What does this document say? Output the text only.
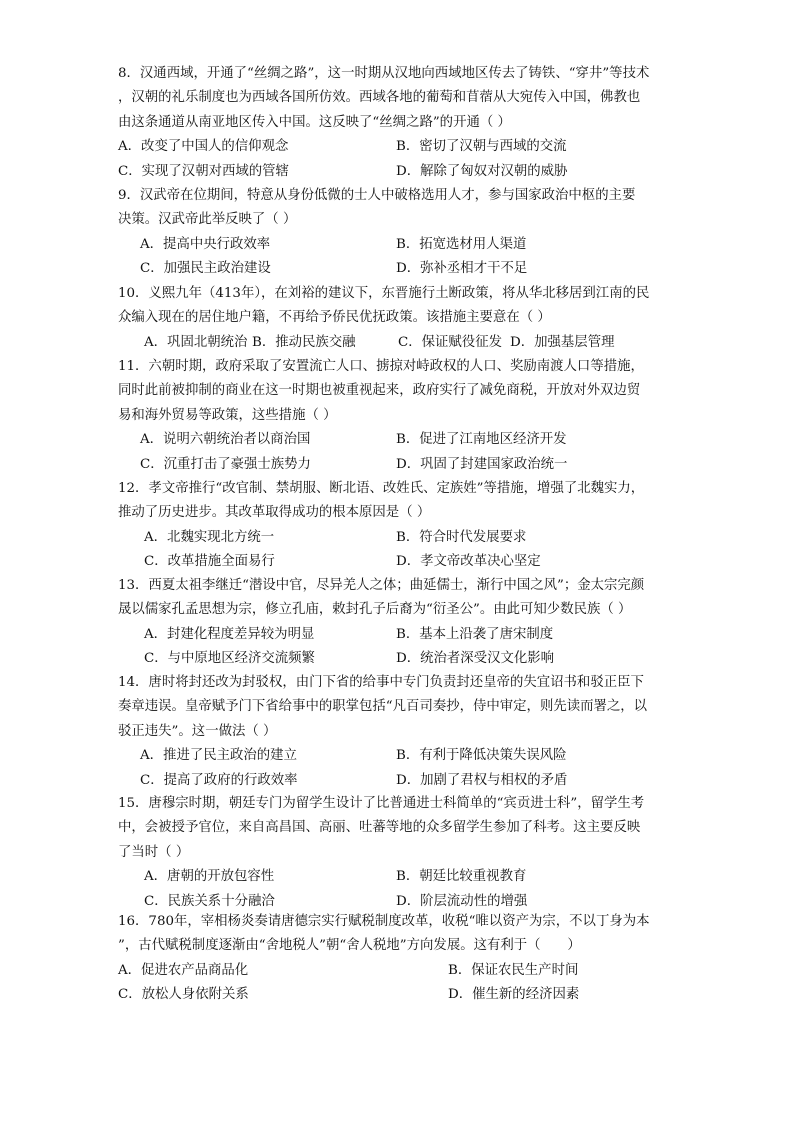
8．汉通西域，开通了“丝绸之路”，这一时期从汉地向西域地区传去了铸铁、“穿井”等技术

，汉朝的礼乐制度也为西域各国所仿效。西域各地的葡萄和苜蓿从大宛传入中国，佛教也

由这条通道从南亚地区传入中国。这反映了“丝绸之路”的开通（ ）

A．改变了中国人的信仰观念	B．密切了汉朝与西域的交流
C．实现了汉朝对西域的管辖	D．解除了匈奴对汉朝的威胁

9．汉武帝在位期间，特意从身份低微的士人中破格选用人才，参与国家政治中枢的主要

决策。汉武帝此举反映了（ ）

A．提高中央行政效率	B．拓宽选材用人渠道
C．加强民主政治建设	D．弥补丞相才干不足

10．义熙九年（413年），在刘裕的建议下，东晋施行土断政策，将从华北移居到江南的民

众编入现在的居住地户籍，不再给予侨民优抚政策。该措施主要意在（ ）

A．巩固北朝统治 B．推动民族交融	C．保证赋役征发 D．加强基层管理

11．六朝时期，政府采取了安置流亡人口、掳掠对峙政权的人口、奖励南渡人口等措施，

同时此前被抑制的商业在这一时期也被重视起来，政府实行了减免商税，开放对外双边贸

易和海外贸易等政策，这些措施（ ）

A．说明六朝统治者以商治国	B．促进了江南地区经济开发
C．沉重打击了豪强士族势力	D．巩固了封建国家政治统一

12．孝文帝推行“改官制、禁胡服、断北语、改姓氏、定族姓”等措施，增强了北魏实力，

推动了历史进步。其改革取得成功的根本原因是（ ）

A．北魏实现北方统一	B．符合时代发展要求
C．改革措施全面易行	D．孝文帝改革决心坚定

13．西夏太祖李继迁“潜设中官，尽异羌人之体；曲延儒士，渐行中国之风”；金太宗完颜

晟以儒家孔孟思想为宗，修立孔庙，敕封孔子后裔为“衍圣公”。由此可知少数民族（ ）

A．封建化程度差异较为明显	B．基本上沿袭了唐宋制度
C．与中原地区经济交流频繁	D．统治者深受汉文化影响

14．唐时将封还改为封驳权，由门下省的给事中专门负责封还皇帝的失宜诏书和驳正臣下

奏章违误。皇帝赋予门下省给事中的职掌包括“凡百司奏抄，侍中审定，则先读而署之，以

驳正违失”。这一做法（ ）

A．推进了民主政治的建立	B．有利于降低决策失误风险
C．提高了政府的行政效率	D．加剧了君权与相权的矛盾

15．唐穆宗时期，朝廷专门为留学生设计了比普通进士科简单的“宾贡进士科”，留学生考

中，会被授予官位，来自高昌国、高丽、吐蕃等地的众多留学生参加了科考。这主要反映

了当时（ ）

A．唐朝的开放包容性	B．朝廷比较重视教育
C．民族关系十分融洽	D．阶层流动性的增强

16．780年，宰相杨炎奏请唐德宗实行赋税制度改革，收税“唯以资产为宗，不以丁身为本

”，古代赋税制度逐渐由“舍地税人”朝“舍人税地”方向发展。这有利于（　　）

A．促进农产品商品化	B．保证农民生产时间
C．放松人身依附关系	D．催生新的经济因素
